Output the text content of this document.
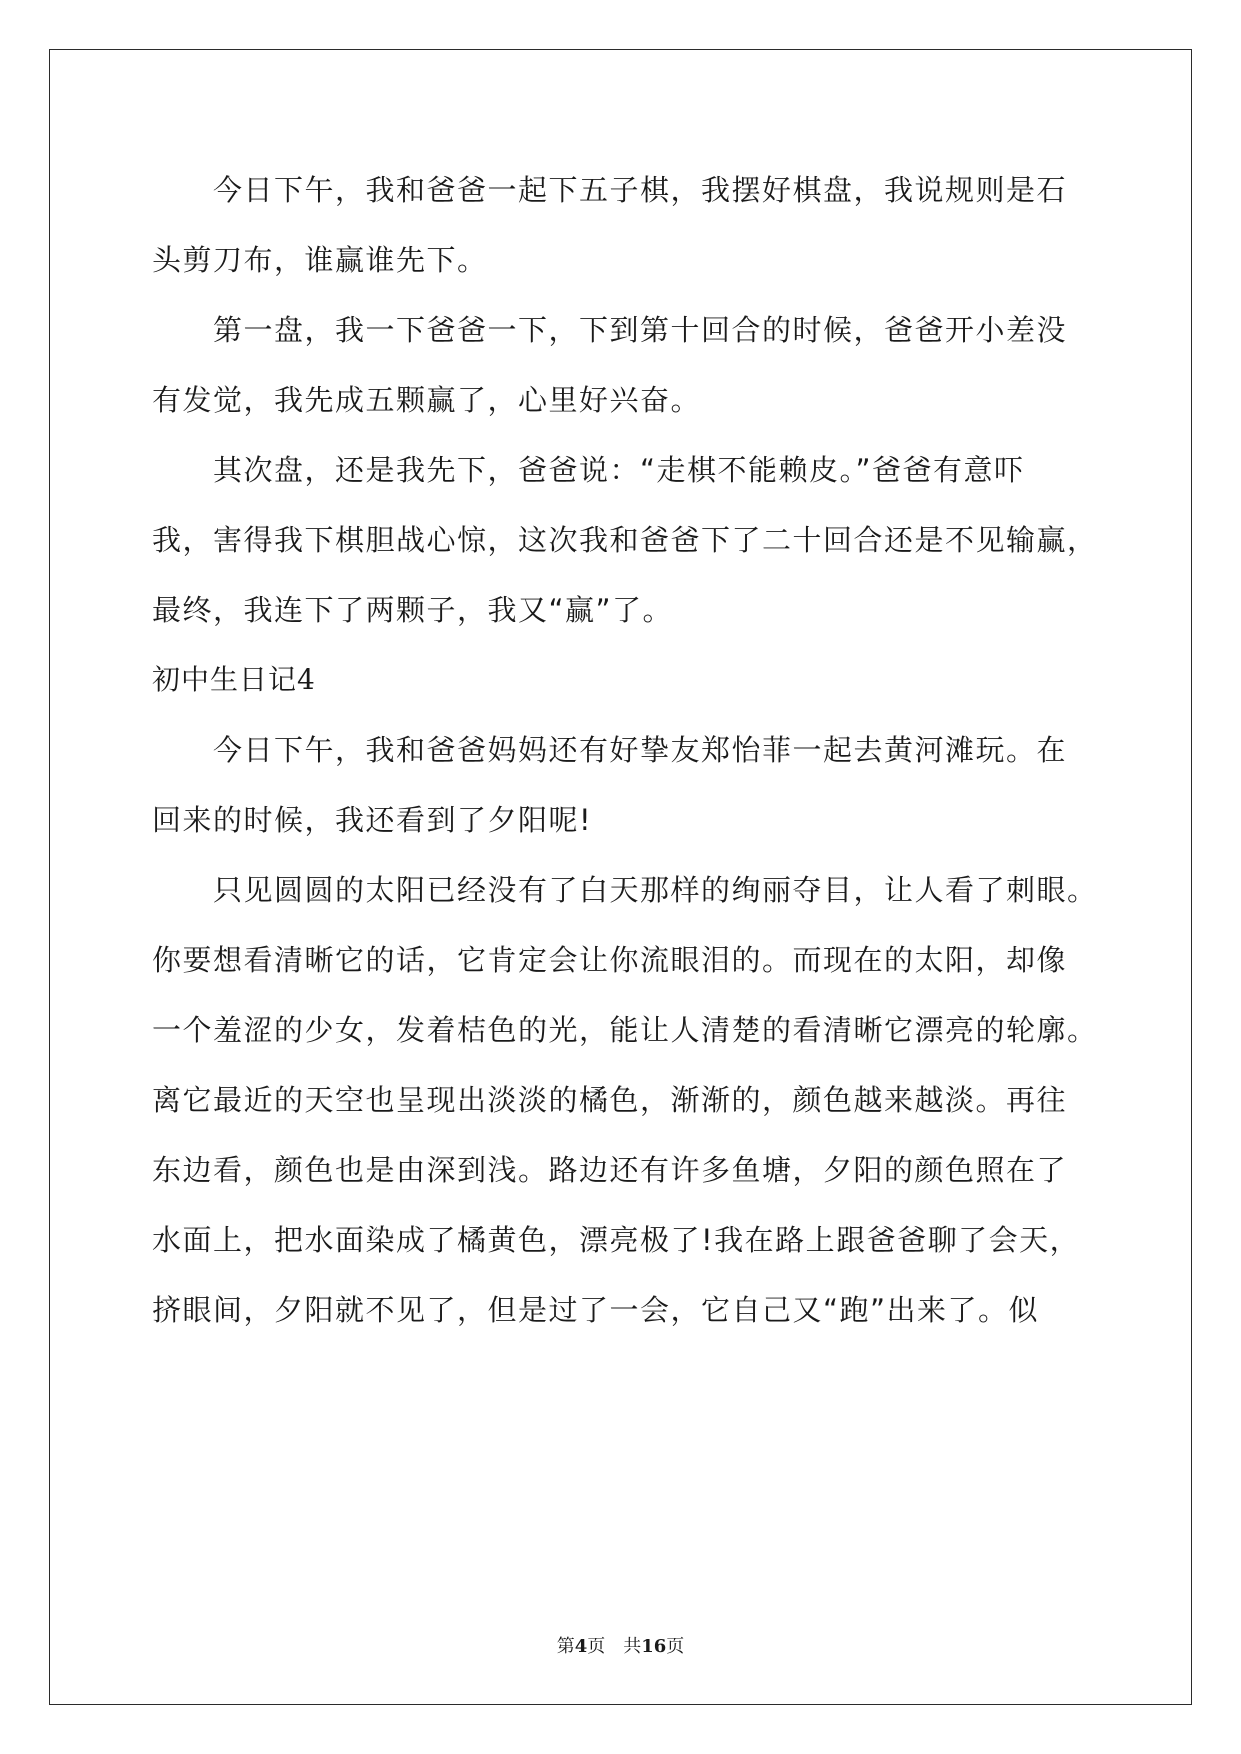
　　今日下午，我和爸爸一起下五子棋，我摆好棋盘，我说规则是石
头剪刀布，谁赢谁先下。
　　第一盘，我一下爸爸一下，下到第十回合的时候，爸爸开小差没
有发觉，我先成五颗赢了，心里好兴奋。
　　其次盘，还是我先下，爸爸说：“走棋不能赖皮。”爸爸有意吓
我，害得我下棋胆战心惊，这次我和爸爸下了二十回合还是不见输赢，
最终，我连下了两颗子，我又“赢”了。
初中生日记4
　　今日下午，我和爸爸妈妈还有好挚友郑怡菲一起去黄河滩玩。在
回来的时候，我还看到了夕阳呢!
　　只见圆圆的太阳已经没有了白天那样的绚丽夺目，让人看了刺眼。
你要想看清晰它的话，它肯定会让你流眼泪的。而现在的太阳，却像
一个羞涩的少女，发着桔色的光，能让人清楚的看清晰它漂亮的轮廓。
离它最近的天空也呈现出淡淡的橘色，渐渐的，颜色越来越淡。再往
东边看，颜色也是由深到浅。路边还有许多鱼塘，夕阳的颜色照在了
水面上，把水面染成了橘黄色，漂亮极了!我在路上跟爸爸聊了会天，
挤眼间，夕阳就不见了，但是过了一会，它自己又“跑”出来了。似
第4页　共16页
